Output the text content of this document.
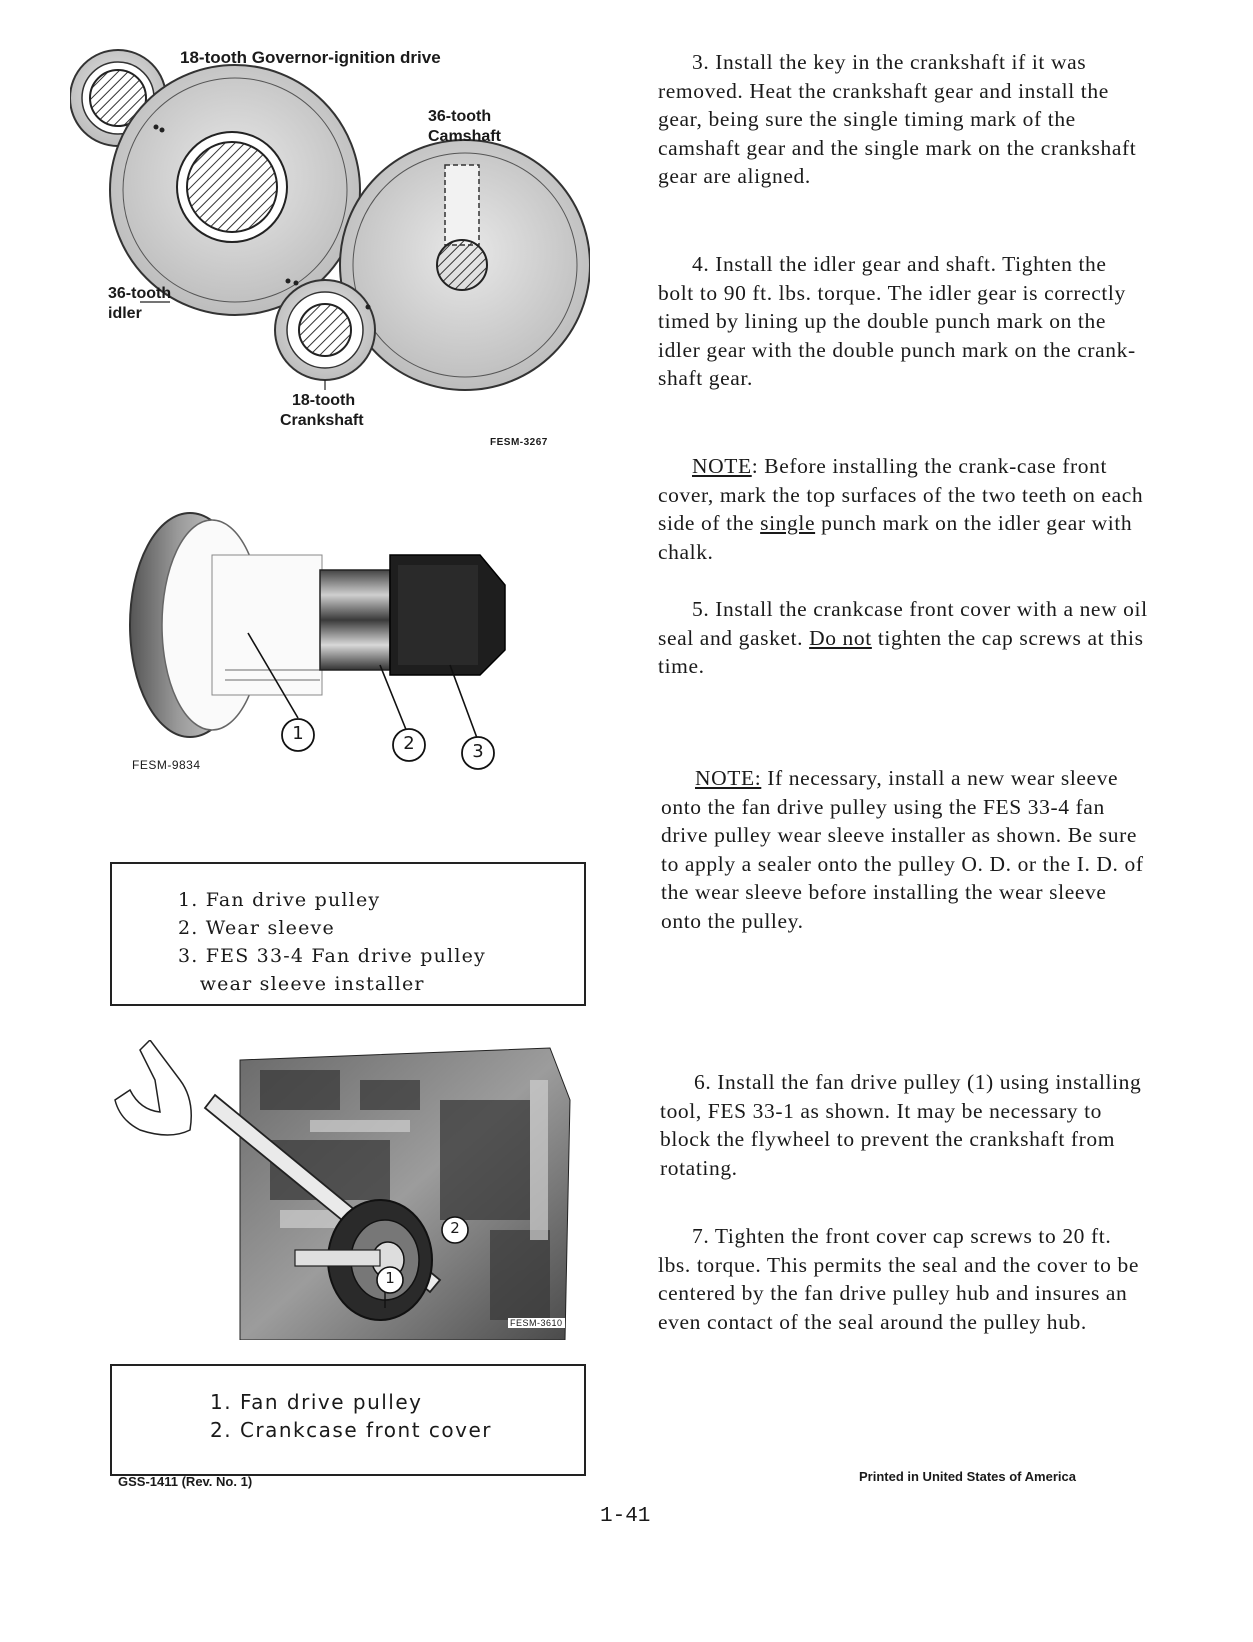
18-tooth Governor-ignition drive
36-tooth
Camshaft
36-tooth
idler
18-tooth
Crankshaft
FESM-3267
1	2	3
FESM-9834
1. Fan drive pulley
2. Wear sleeve
3. FES 33-4 Fan drive pulley
wear sleeve installer
1
2
FESM-3610
1. Fan drive pulley
2. Crankcase front cover

3. Install the key in the crankshaft if it was removed. Heat the crankshaft gear and install the gear, being sure the single timing mark of the camshaft gear and the single mark on the crankshaft gear are aligned.

4. Install the idler gear and shaft. Tighten the bolt to 90 ft. lbs. torque. The idler gear is correctly timed by lining up the double punch mark on the idler gear with the double punch mark on the crank-shaft gear.

NOTE: Before installing the crank-case front cover, mark the top surfaces of the two teeth on each side of the single punch mark on the idler gear with chalk.

5. Install the crankcase front cover with a new oil seal and gasket. Do not tighten the cap screws at this time.

NOTE: If necessary, install a new wear sleeve onto the fan drive pulley using the FES 33-4 fan drive pulley wear sleeve installer as shown. Be sure to apply a sealer onto the pulley O. D. or the I. D. of the wear sleeve before installing the wear sleeve onto the pulley.

6. Install the fan drive pulley (1) using installing tool, FES 33-1 as shown. It may be necessary to block the flywheel to prevent the crankshaft from rotating.

7. Tighten the front cover cap screws to 20 ft. lbs. torque. This permits the seal and the cover to be centered by the fan drive pulley hub and insures an even contact of the seal around the pulley hub.

GSS-1411 (Rev. No. 1)	Printed in United States of America
1-41
